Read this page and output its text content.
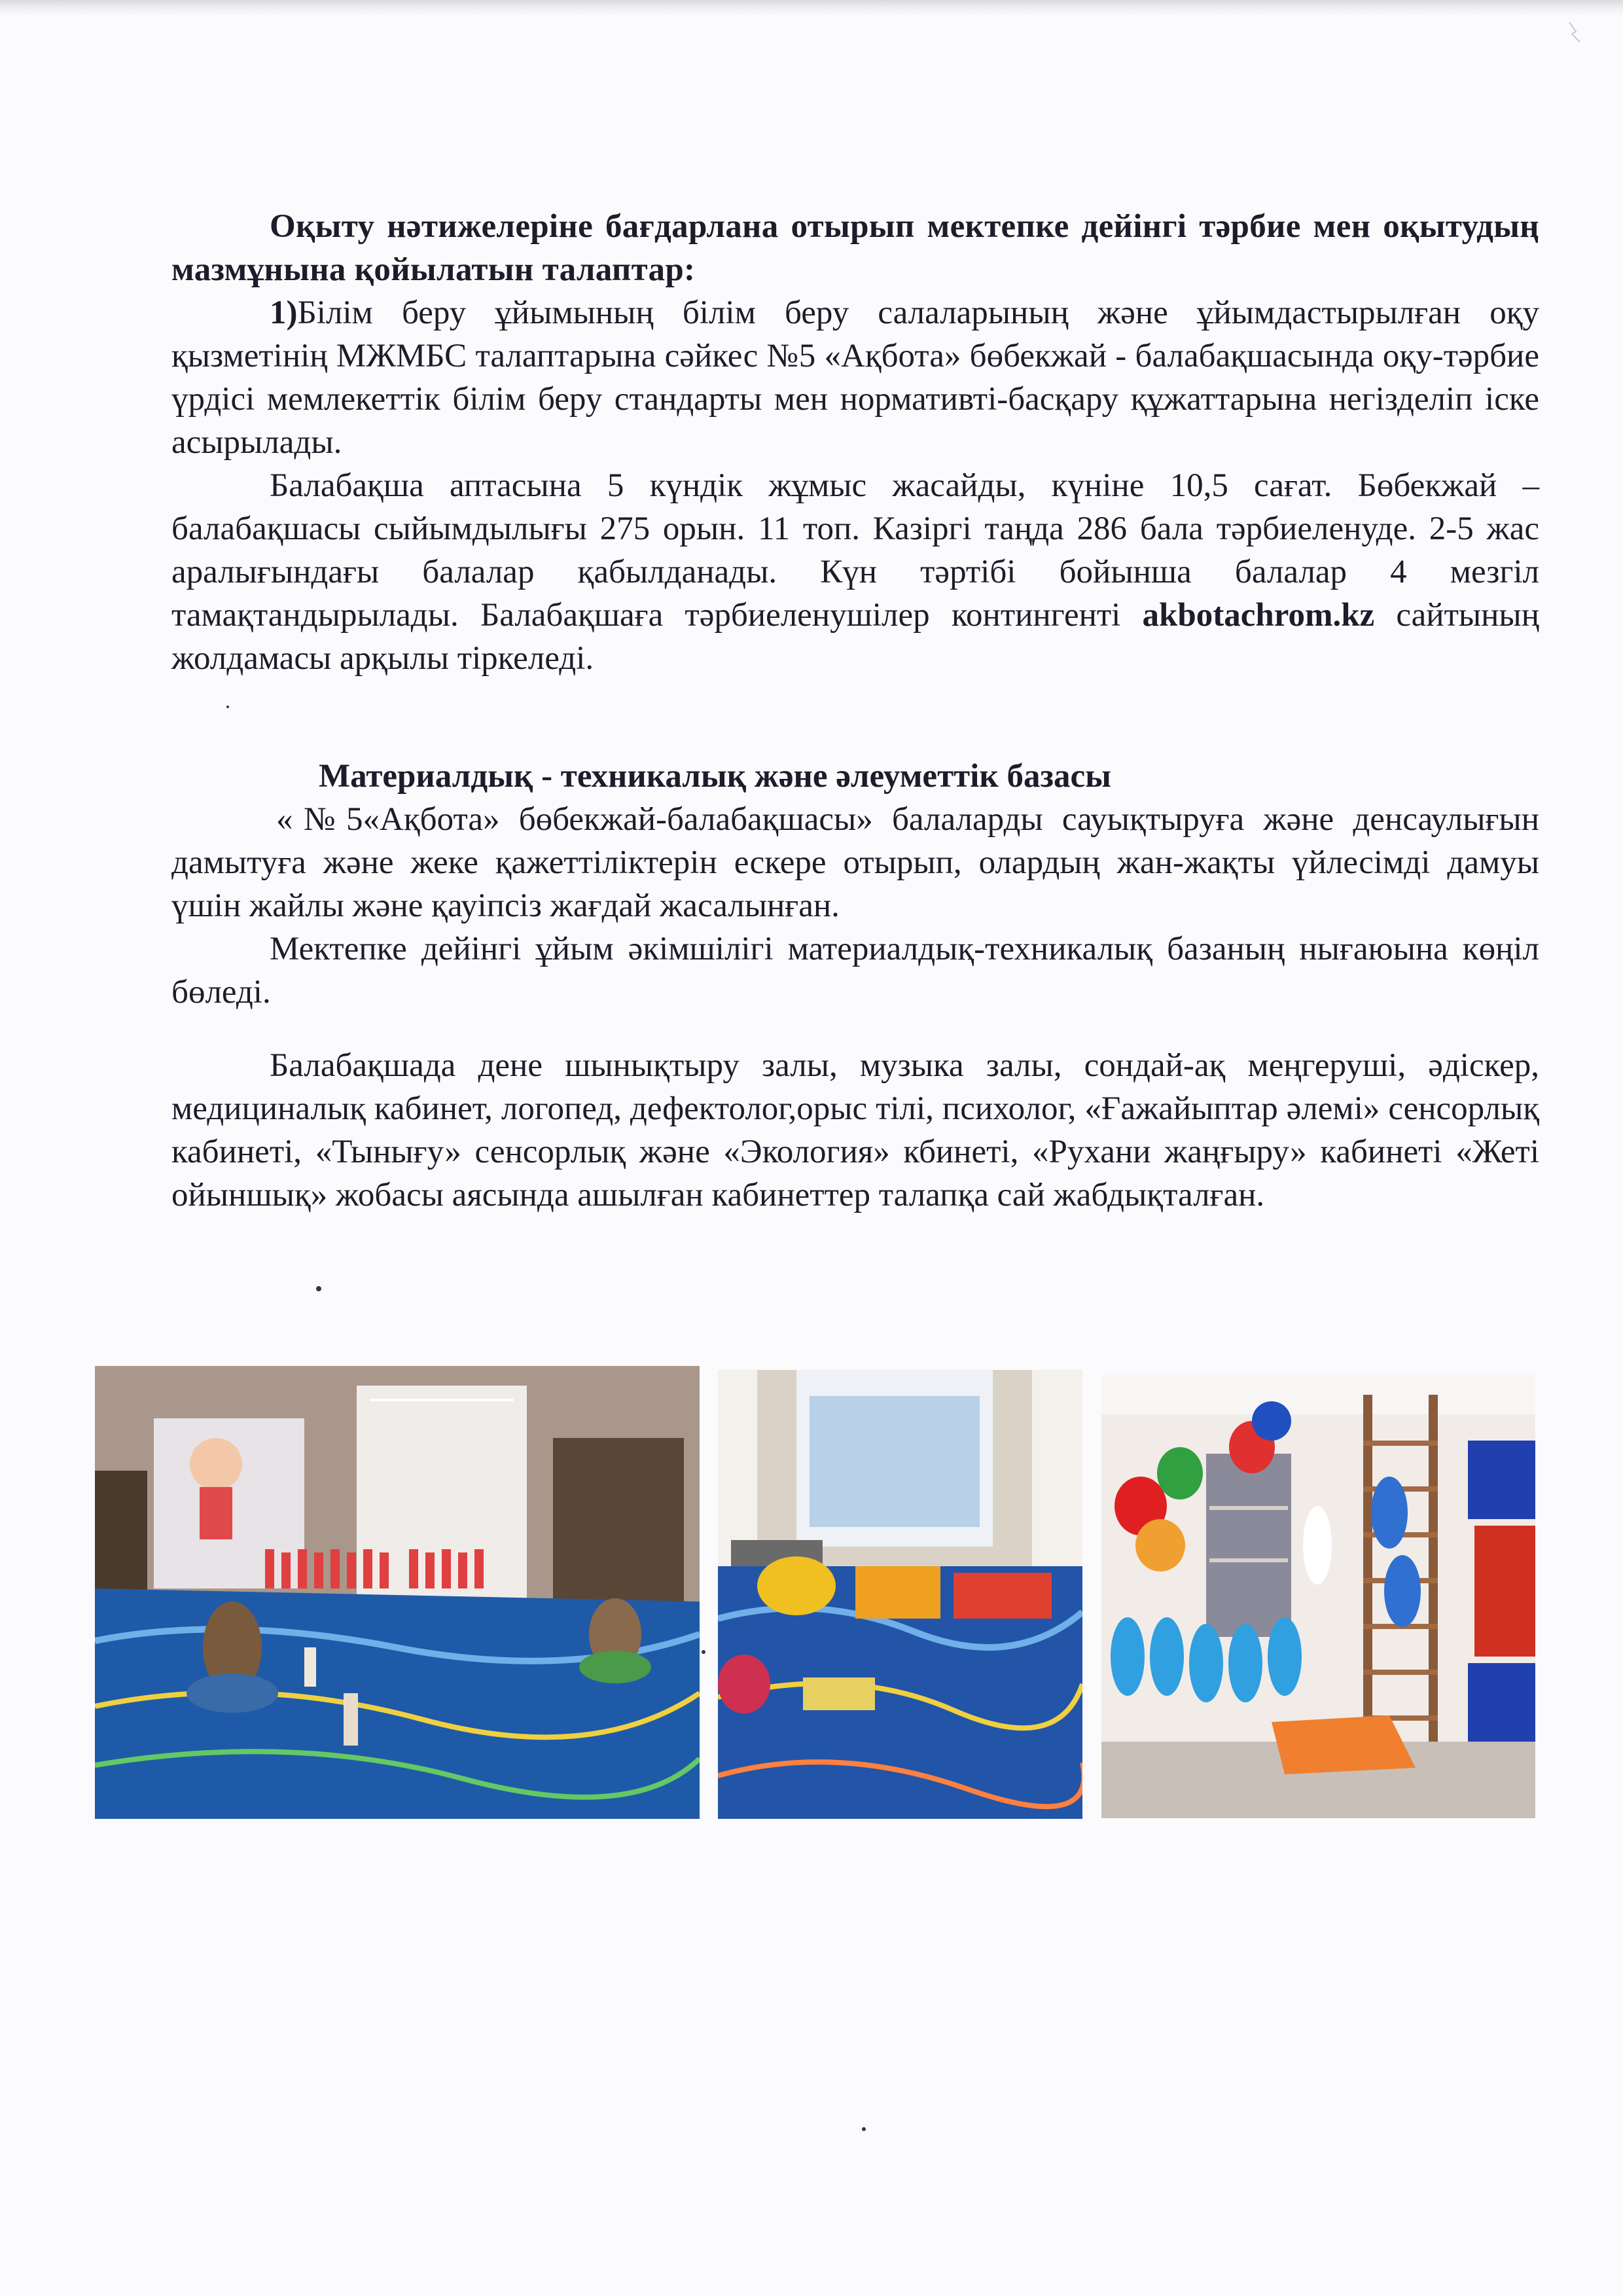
Оқыту нәтижелеріне бағдарлана отырып мектепке дейінгі тәрбие мен оқытудың мазмұнына қойылатын талаптар:

1)Білім беру ұйымының білім беру салаларының және ұйымдастырылған оқу қызметінің МЖМБС талаптарына сәйкес №5 «Ақбота» бөбекжай - балабақшасында оқу-тәрбие үрдісі мемлекеттік білім беру стандарты мен нормативті-басқару құжаттарына негізделіп іске асырылады.

Балабақша аптасына 5 күндік жұмыс жасайды, күніне 10,5 сағат. Бөбекжай – балабақшасы сыйымдылығы 275 орын. 11 топ. Казіргі таңда 286 бала тәрбиеленуде. 2-5 жас аралығындағы балалар қабылданады. Күн тәртібі бойынша балалар 4 мезгіл тамақтандырылады. Балабақшаға тәрбиеленушілер контингенті akbotachrom.kz сайтының жолдамасы арқылы тіркеледі.

Материалдық - техникалық және әлеуметтік базасы

«№5«Ақбота» бөбекжай-балабақшасы» балаларды сауықтыруға және денсаулығын дамытуға және жеке қажеттіліктерін ескере отырып, олардың жан-жақты үйлесімді дамуы үшін жайлы және қауіпсіз жағдай жасалынған.

Мектепке дейінгі ұйым әкімшілігі материалдық-техникалық базаның нығаюына көңіл бөледі.

Балабақшада дене шынықтыру залы, музыка залы, сондай-ақ меңгеруші, әдіскер, медициналық кабинет, логопед, дефектолог,орыс тілі, психолог, «Ғажайыптар әлемі» сенсорлық кабинеті, «Тынығу» сенсорлық және «Экология» кбинеті, «Рухани жаңғыру» кабинеті «Жеті ойыншық» жобасы аясында ашылған кабинеттер талапқа сай жабдықталған.
